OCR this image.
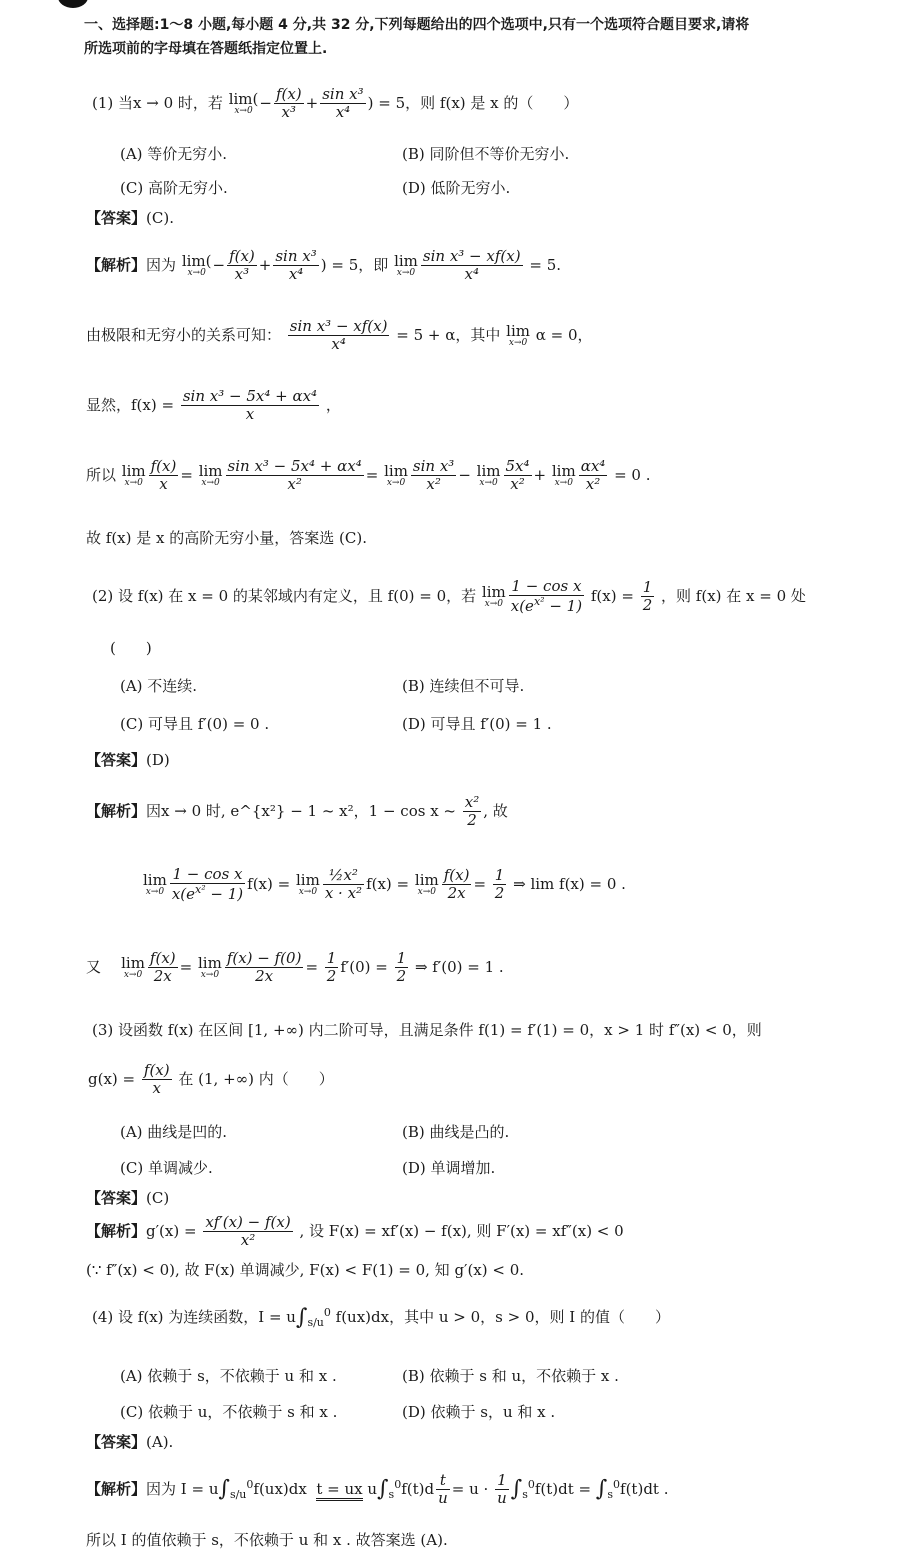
一、选择题:1～8 小题,每小题 4 分,共 32 分,下列每题给出的四个选项中,只有一个选项符合题目要求,请将
所选项前的字母填在答题纸指定位置上.
(1) 当x → 0 时，若 lim(
$x\to 0 - \frac{f(x)}{\text{x³}} + \frac{\text{sin x³}}{\text{x⁴}}$ ) = 5，则 f(x) 是 x 的（　　）
(A) 等价无穷小.	(B) 同阶但不等价无穷小.
(C) 高阶无穷小.	(D) 低阶无穷小.
【答案】(C).
【解析】因为 lim(
$x\to 0 - \frac{f(x)}{\text{x³}} + \frac{\text{sin x³}}{\text{x⁴}}$ ) = 5，即 lim
$x\to 0 \frac{\text{sin x³ − xf(x)}}{\text{x⁴}} = 5$.
由极限和无穷小的关系可知： $\frac{\text{sin x³ − xf(x)}}{\text{x⁴}} = 5 + \alpha$，其中 lim
x→0 α = 0，
显然，$f(x) = \frac{\text{sin x³ − 5x⁴ + αx⁴}}{x}$ ，
所以 lim
$x\to 0 \frac{f(x)}{x} = \lim$
$x\to 0 \frac{\text{sin x³ − 5x⁴ + αx⁴}}{\text{x²}} = \lim$
$x\to 0 \frac{\text{sin x³}}{\text{x²}} - \lim$
$x\to 0 \frac{\text{5x⁴}}{\text{x²}} + \lim$
$x\to 0 \frac{\text{αx⁴}}{\text{x²}} = 0$ .
故 f(x) 是 x 的高阶无穷小量，答案选 (C).
(2) 设 f(x) 在 x = 0 的某邻域内有定义，且 f(0) = 0，若 lim
$x\to 0 \frac{\text{1 − cos x}}{x(e^{x^2} - 1)} f(x) = \frac{1}{2}$ ，则 f(x) 在 x = 0 处
(　　)
(A) 不连续.	(B) 连续但不可导.
(C) 可导且 f′(0) = 0 .	(D) 可导且 f′(0) = 1 .
【答案】(D)
【解析】因x → 0 时, e^{x²} − 1 ~ x²，1 − cos x ~ $\frac{\text{x²}}{2}$ , 故
lim
$x\to 0 \frac{\text{1 − cos x}}{x(e^{x^2} - 1)} f(x) = \lim$
$x\to 0 \frac{\text{½x²}}{\text{x · x²}} f(x) = \lim$
$x\to 0 \frac{f(x)}{2x} = \frac{1}{2}$ ⇒ lim f(x) = 0 .
又 lim
$x\to 0 \frac{f(x)}{2x} = \lim$
$x\to 0 \frac{f(x) - f(0)}{2x} = \frac{1}{2} f'(0) = \frac{1}{2}$ ⇒ f′(0) = 1 .
(3) 设函数 f(x) 在区间 [1, +∞) 内二阶可导，且满足条件 f(1) = f′(1) = 0，x > 1 时 f″(x) < 0，则
$g(x) = \frac{f(x)}{x}$ 在 (1, +∞) 内（　　）
(A) 曲线是凹的.	(B) 曲线是凸的.
(C) 单调减少.	(D) 单调增加.
【答案】(C)
【解析】$g'(x) = \frac{xf'(x) - f(x)}{\text{x²}}$ , 设 F(x) = xf′(x) − f(x), 则 F′(x) = xf″(x) < 0
(∵ f″(x) < 0), 故 F(x) 单调减少, F(x) < F(1) = 0, 知 g′(x) < 0.
(4) 设 f(x) 为连续函数，$I = u\int_{s/u}^0$ f(ux)dx，其中 u > 0，s > 0，则 I 的值（　　）
(A) 依赖于 s，不依赖于 u 和 x .	(B) 依赖于 s 和 u，不依赖于 x .
(C) 依赖于 u，不依赖于 s 和 x .	(D) 依赖于 s，u 和 x .
【答案】(A).
【解析】因为 $I = u\int_{s/u}^0f(ux)dx$  t = ux $u\int_s^0f(t)d \frac{t}{u} = u \cdot \frac{1}{u} \int_s^0f(t)dt = \int_s^0f(t)dt$ .
所以 I 的值依赖于 s，不依赖于 u 和 x . 故答案选 (A).
